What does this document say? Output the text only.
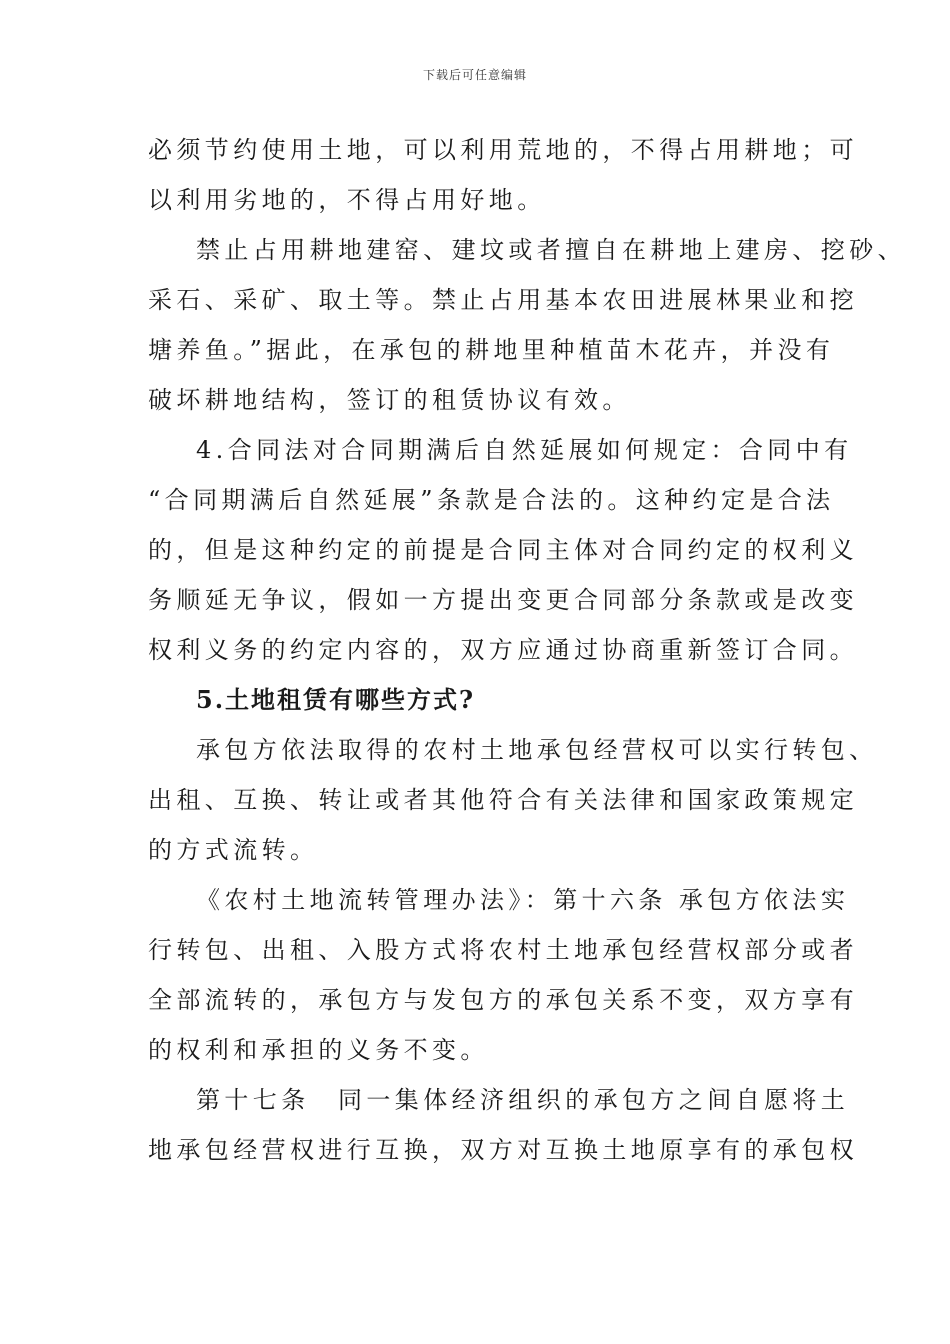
下载后可任意编辑
必须节约使用土地，可以利用荒地的，不得占用耕地；可
以利用劣地的，不得占用好地。
禁止占用耕地建窑、建坟或者擅自在耕地上建房、挖砂、
采石、采矿、取土等。禁止占用基本农田进展林果业和挖
塘养鱼。”据此，在承包的耕地里种植苗木花卉，并没有
破坏耕地结构，签订的租赁协议有效。
4.合同法对合同期满后自然延展如何规定：合同中有
“合同期满后自然延展”条款是合法的。这种约定是合法
的，但是这种约定的前提是合同主体对合同约定的权利义
务顺延无争议，假如一方提出变更合同部分条款或是改变
权利义务的约定内容的，双方应通过协商重新签订合同。
5.土地租赁有哪些方式?
承包方依法取得的农村土地承包经营权可以实行转包、
出租、互换、转让或者其他符合有关法律和国家政策规定
的方式流转。
《农村土地流转管理办法》：第十六条 承包方依法实
行转包、出租、入股方式将农村土地承包经营权部分或者
全部流转的，承包方与发包方的承包关系不变，双方享有
的权利和承担的义务不变。
第十七条　同一集体经济组织的承包方之间自愿将土
地承包经营权进行互换，双方对互换土地原享有的承包权
